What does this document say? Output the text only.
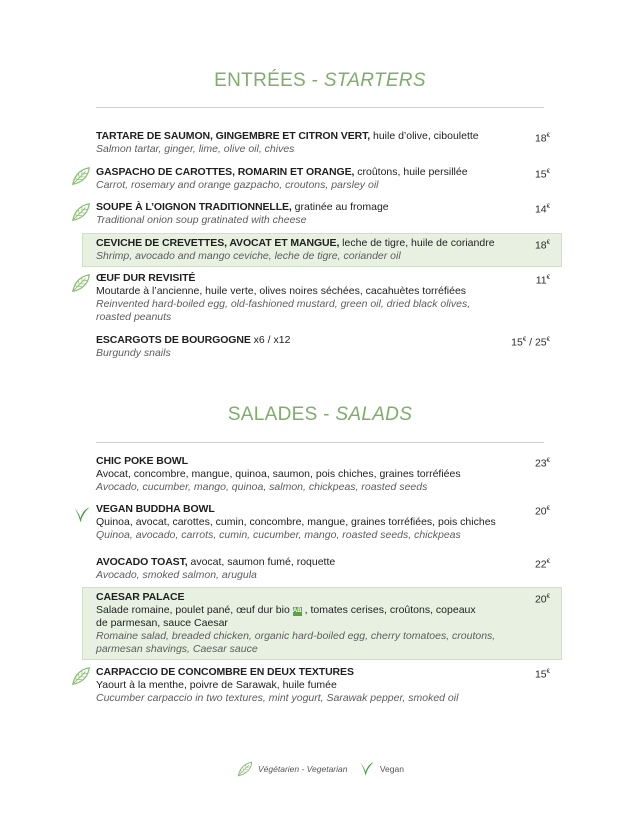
ENTRÉES - STARTERS
TARTARE DE SAUMON, GINGEMBRE ET CITRON VERT, huile d’olive, ciboulette
Salmon tartar, ginger, lime, olive oil, chives
18€
GASPACHO DE CAROTTES, ROMARIN ET ORANGE, croûtons, huile persillée
Carrot, rosemary and orange gazpacho, croutons, parsley oil
15€
SOUPE À L’OIGNON TRADITIONNELLE, gratinée au fromage
Traditional onion soup gratinated with cheese
14€
CEVICHE DE CREVETTES, AVOCAT ET MANGUE, leche de tigre, huile de coriandre
Shrimp, avocado and mango ceviche, leche de tigre, coriander oil
18€
ŒUF DUR REVISITÉ
Moutarde à l’ancienne, huile verte, olives noires séchées, cacahuètes torréfiées
Reinvented hard-boiled egg, old-fashioned mustard, green oil, dried black olives,
roasted peanuts
11€
ESCARGOTS DE BOURGOGNE x6 / x12
Burgundy snails
15€ / 25€
SALADES - SALADS
CHIC POKE BOWL
Avocat, concombre, mangue, quinoa, saumon, pois chiches, graines torréfiées
Avocado, cucumber, mango, quinoa, salmon, chickpeas, roasted seeds
23€
VEGAN BUDDHA BOWL
Quinoa, avocat, carottes, cumin, concombre, mangue, graines torréfiées, pois chiches
Quinoa, avocado, carrots, cumin, cucumber, mango, roasted seeds, chickpeas
20€
AVOCADO TOAST, avocat, saumon fumé, roquette
Avocado, smoked salmon, arugula
22€
CAESAR PALACE
Salade romaine, poulet pané, œuf dur bio AB , tomates cerises, croûtons, copeaux
de parmesan, sauce Caesar
Romaine salad, breaded chicken, organic hard-boiled egg, cherry tomatoes, croutons,
parmesan shavings, Caesar sauce
20€
CARPACCIO DE CONCOMBRE EN DEUX TEXTURES
Yaourt à la menthe, poivre de Sarawak, huile fumée
Cucumber carpaccio in two textures, mint yogurt, Sarawak pepper, smoked oil
15€
Végétarien - Vegetarian
	Vegan
